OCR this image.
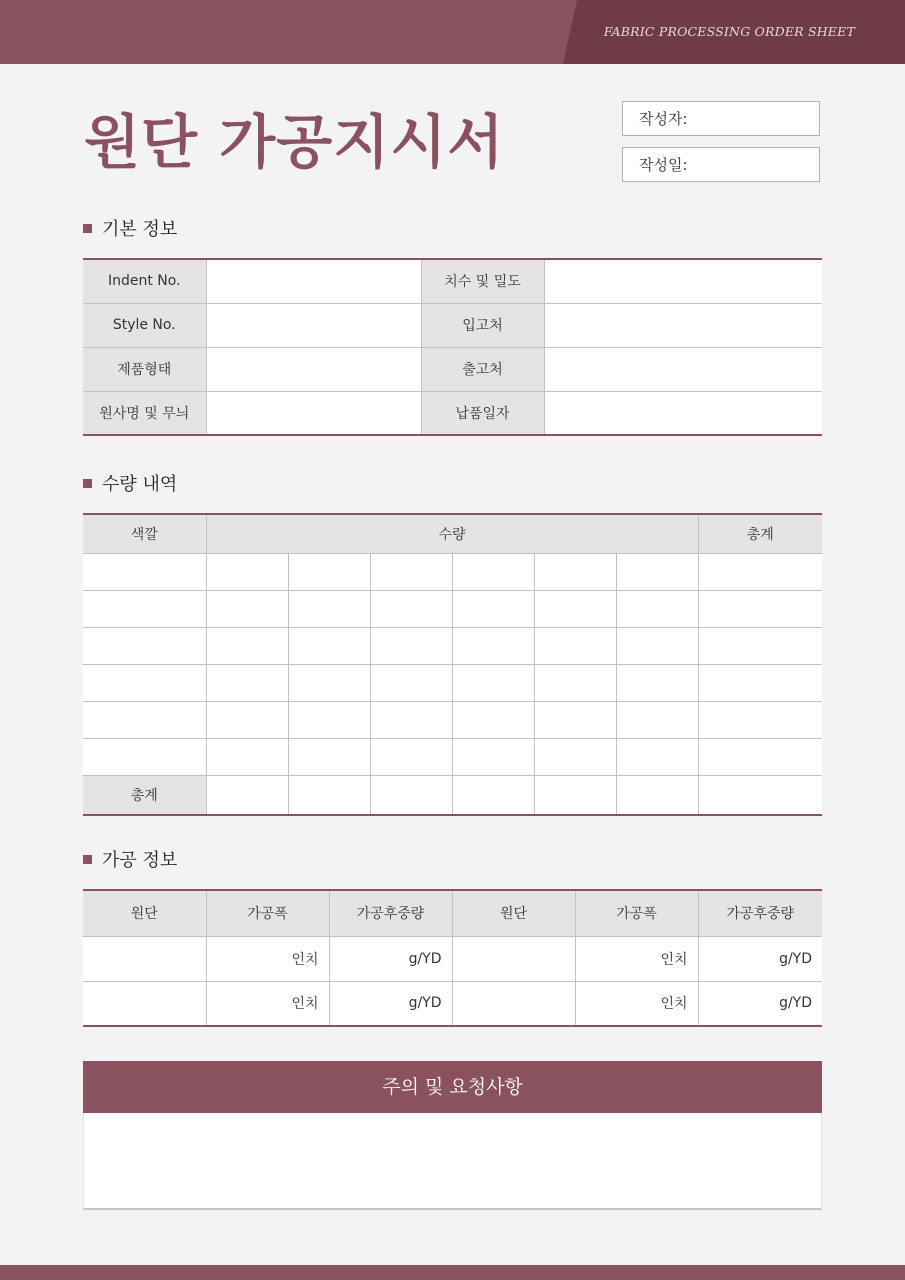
FABRIC PROCESSING ORDER SHEET
원단 가공지시서	작성자:
작성일:
기본 정보
Indent No.		치수 및 밀도	
Style No.		입고처	
제품형태		출고처	
원사명 및 무늬		납품일자	
수량 내역
색깔	수량						총계

총계							
가공 정보
원단	가공폭	가공후중량	원단	가공폭	가공후중량
	인치	g/YD		인치	g/YD
	인치	g/YD		인치	g/YD
주의 및 요청사항
